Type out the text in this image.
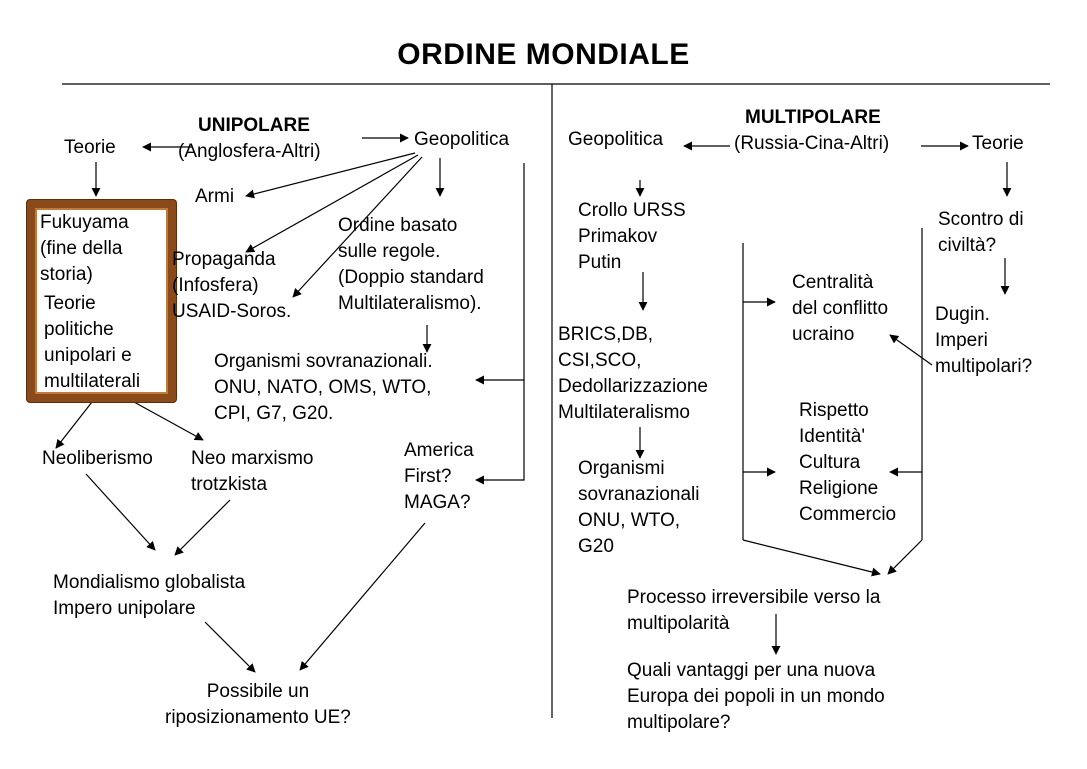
ORDINE MONDIALE
UNIPOLARE
(Anglosfera-Altri)
Teorie	Geopolitica
Armi
Fukuyama
(fine della
storia)
Teorie
politiche
unipolari e
multilaterali
Propaganda
(Infosfera)
USAID-Soros.
Ordine basato
sulle regole.
(Doppio standard
Multilateralismo).
Organismi sovranazionali.
ONU, NATO, OMS, WTO,
CPI, G7, G20.
America
First?
MAGA?
Neoliberismo Neo marxismo
trotzkista
Mondialismo globalista
Impero unipolare
Possibile un
riposizionamento UE?
MULTIPOLARE
(Russia-Cina-Altri)
Geopolitica	Teorie
Crollo URSS
Primakov
Putin
Scontro di
civiltà?
Centralità
del conflitto
ucraino
Dugin.
Imperi
multipolari?
BRICS,DB,
CSI,SCO,
Dedollarizzazione
Multilateralismo	Rispetto
Identità'
Cultura
Religione
Commercio
Organismi
sovranazionali
ONU, WTO,
G20
Processo irreversibile verso la
multipolarità
Quali vantaggi per una nuova
Europa dei popoli in un mondo
multipolare?
